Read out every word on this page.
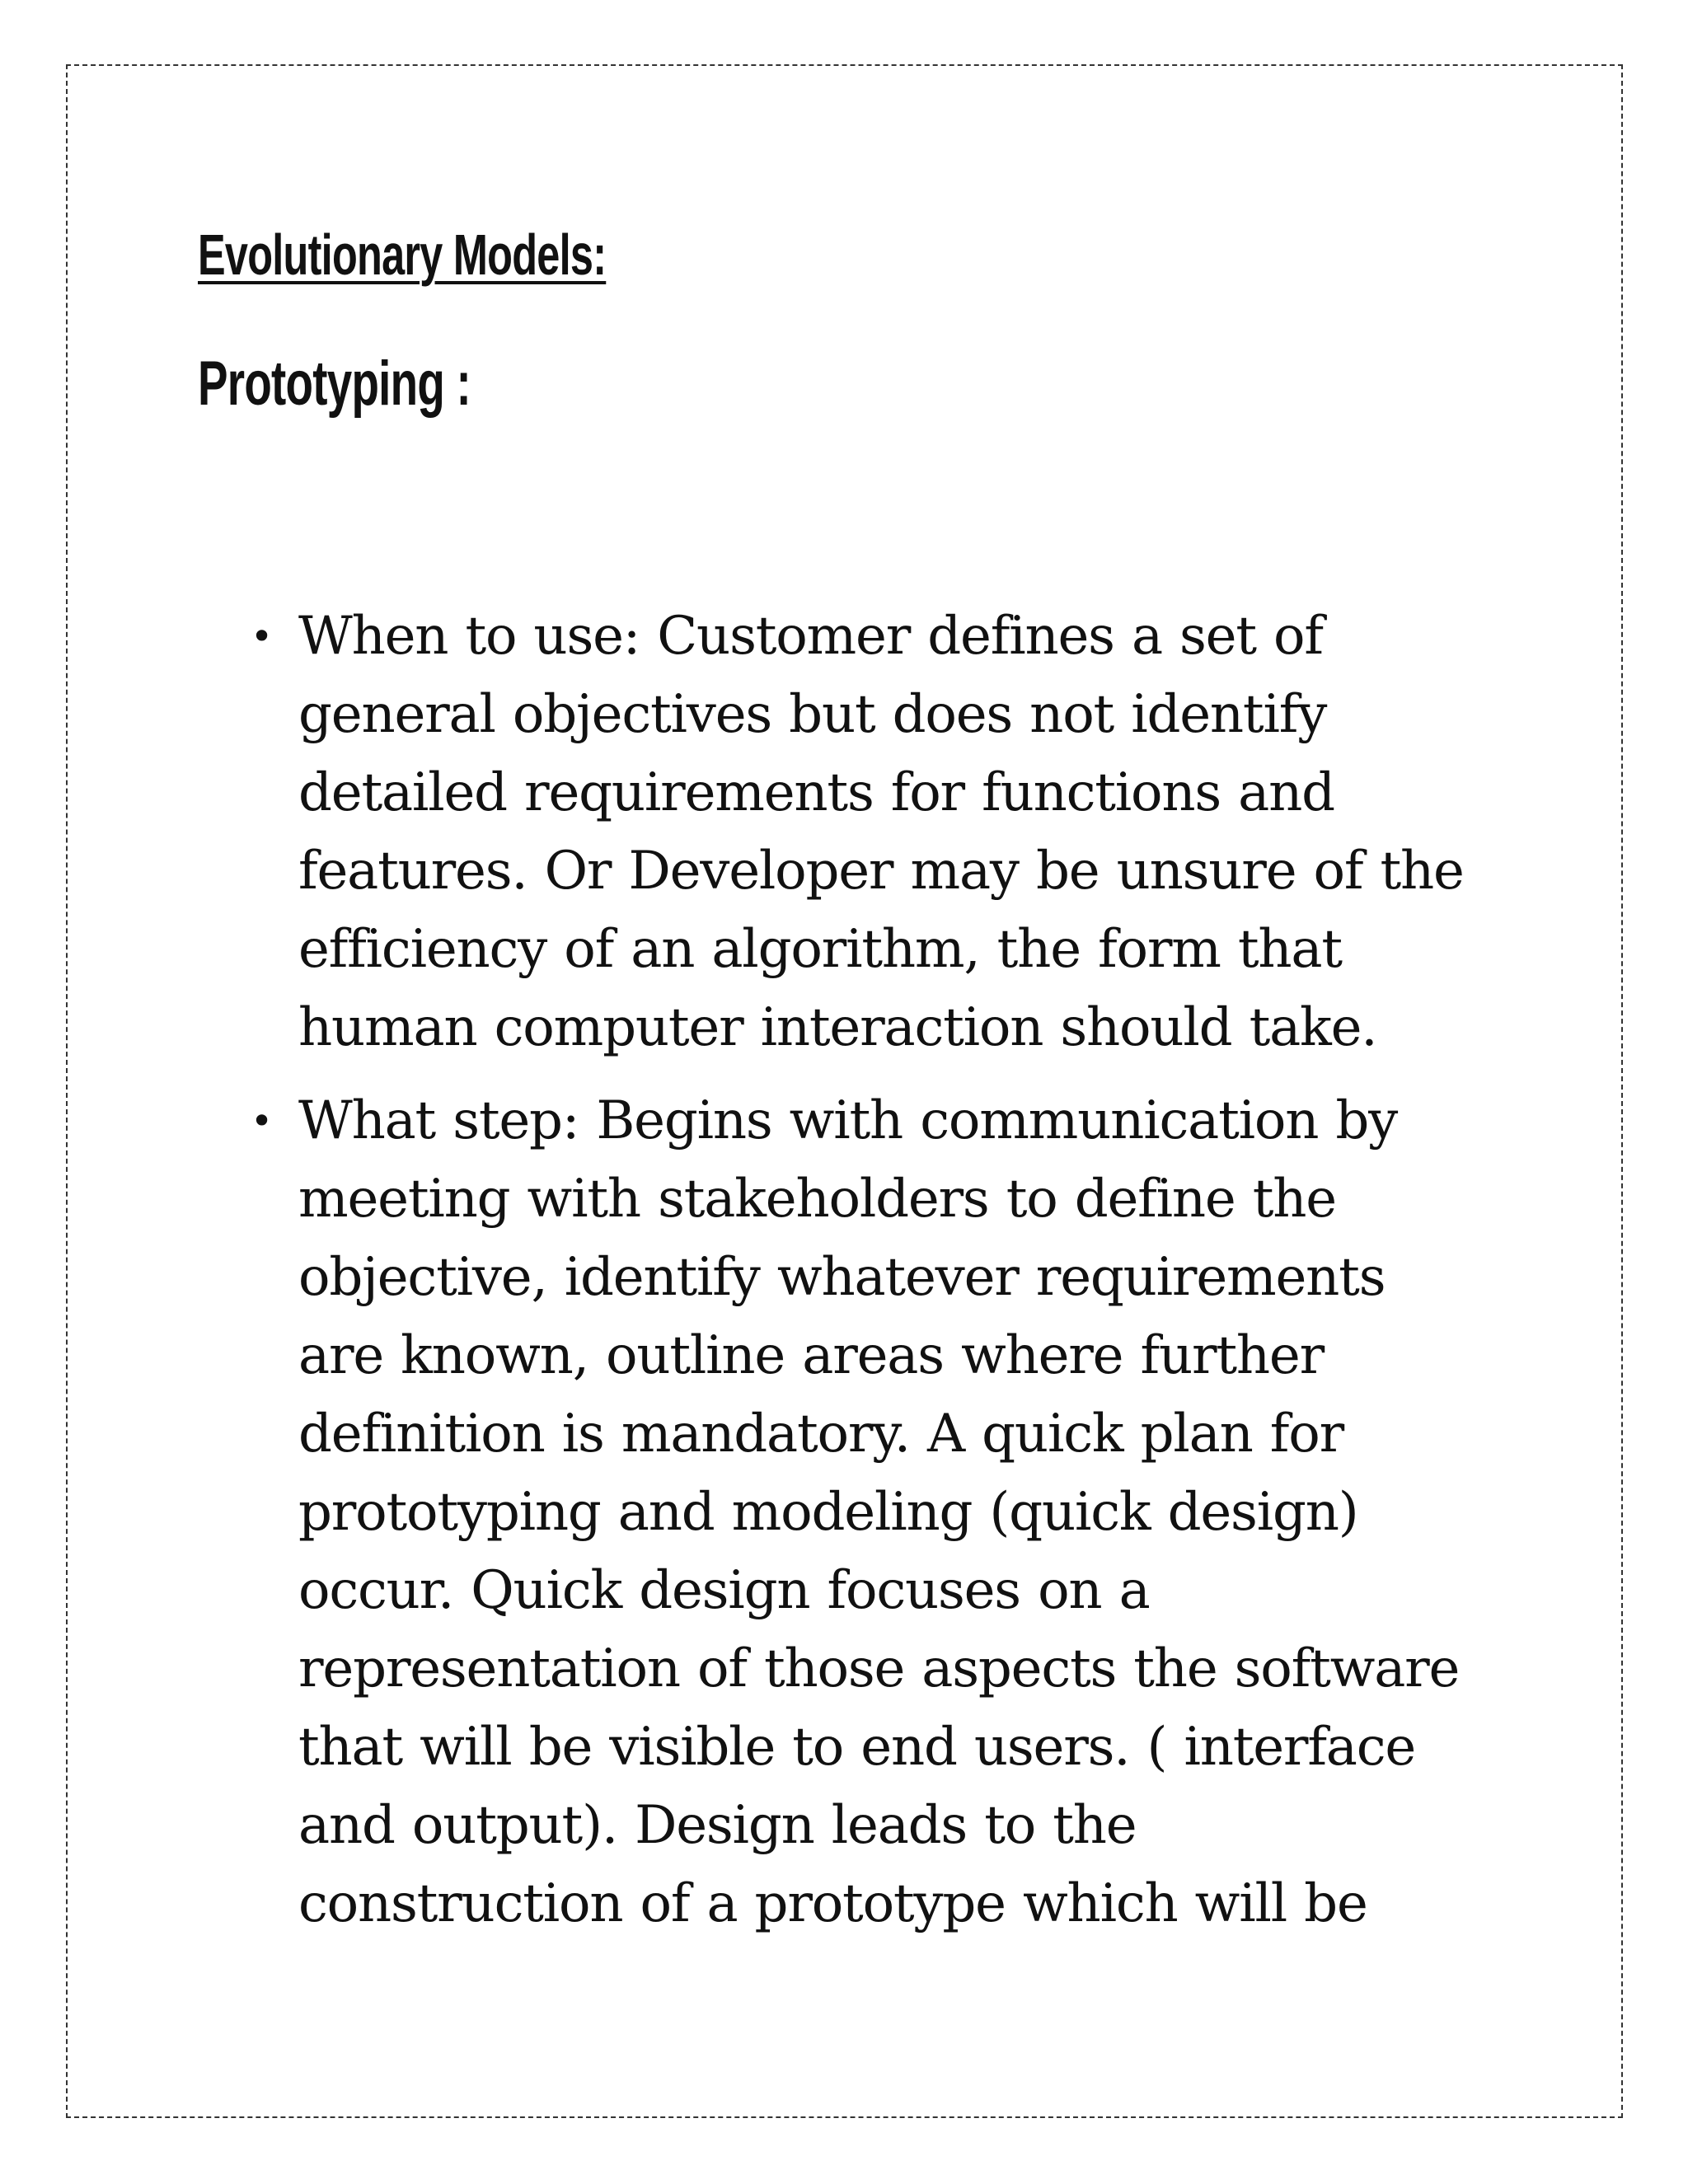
Evolutionary Models:
Prototyping :
• When to use: Customer defines a set of
general objectives but does not identify
detailed requirements for functions and
features. Or Developer may be unsure of the
efficiency of an algorithm, the form that
human computer interaction should take.
• What step: Begins with communication by
meeting with stakeholders to define the
objective, identify whatever requirements
are known, outline areas where further
definition is mandatory. A quick plan for
prototyping and modeling (quick design)
occur. Quick design focuses on a
representation of those aspects the software
that will be visible to end users. ( interface
and output). Design leads to the
construction of a prototype which will be
